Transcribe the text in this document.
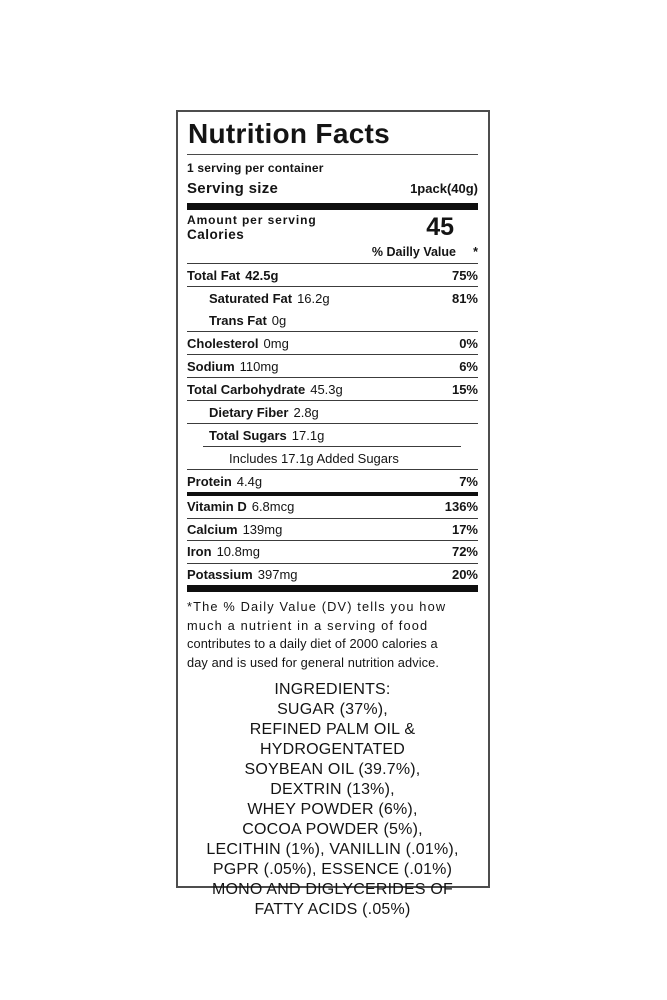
Nutrition Facts
1 serving per container
Serving size	1pack(40g)
Amount per serving
Calories	45
% Dailly Value	*
Total Fat 42.5g	75%
Saturated Fat 16.2g	81%
Trans Fat 0g
Cholesterol 0mg	0%
Sodium 110mg	6%
Total Carbohydrate 45.3g	15%
Dietary Fiber 2.8g
Total Sugars 17.1g
Includes 17.1g Added Sugars
Protein 4.4g	7%
Vitamin D 6.8mcg	136%
Calcium 139mg	17%
Iron 10.8mg	72%
Potassium 397mg	20%
*The % Daily Value (DV) tells you how
much a nutrient in a serving of food
contributes to a daily diet of 2000 calories a
day and is used for general nutrition advice.
INGREDIENTS:
SUGAR (37%),
REFINED PALM OIL &
HYDROGENTATED
SOYBEAN OIL (39.7%),
DEXTRIN (13%),
WHEY POWDER (6%),
COCOA POWDER (5%),
LECITHIN (1%), VANILLIN (.01%),
PGPR (.05%), ESSENCE (.01%)
MONO AND DIGLYCERIDES OF
FATTY ACIDS (.05%)
